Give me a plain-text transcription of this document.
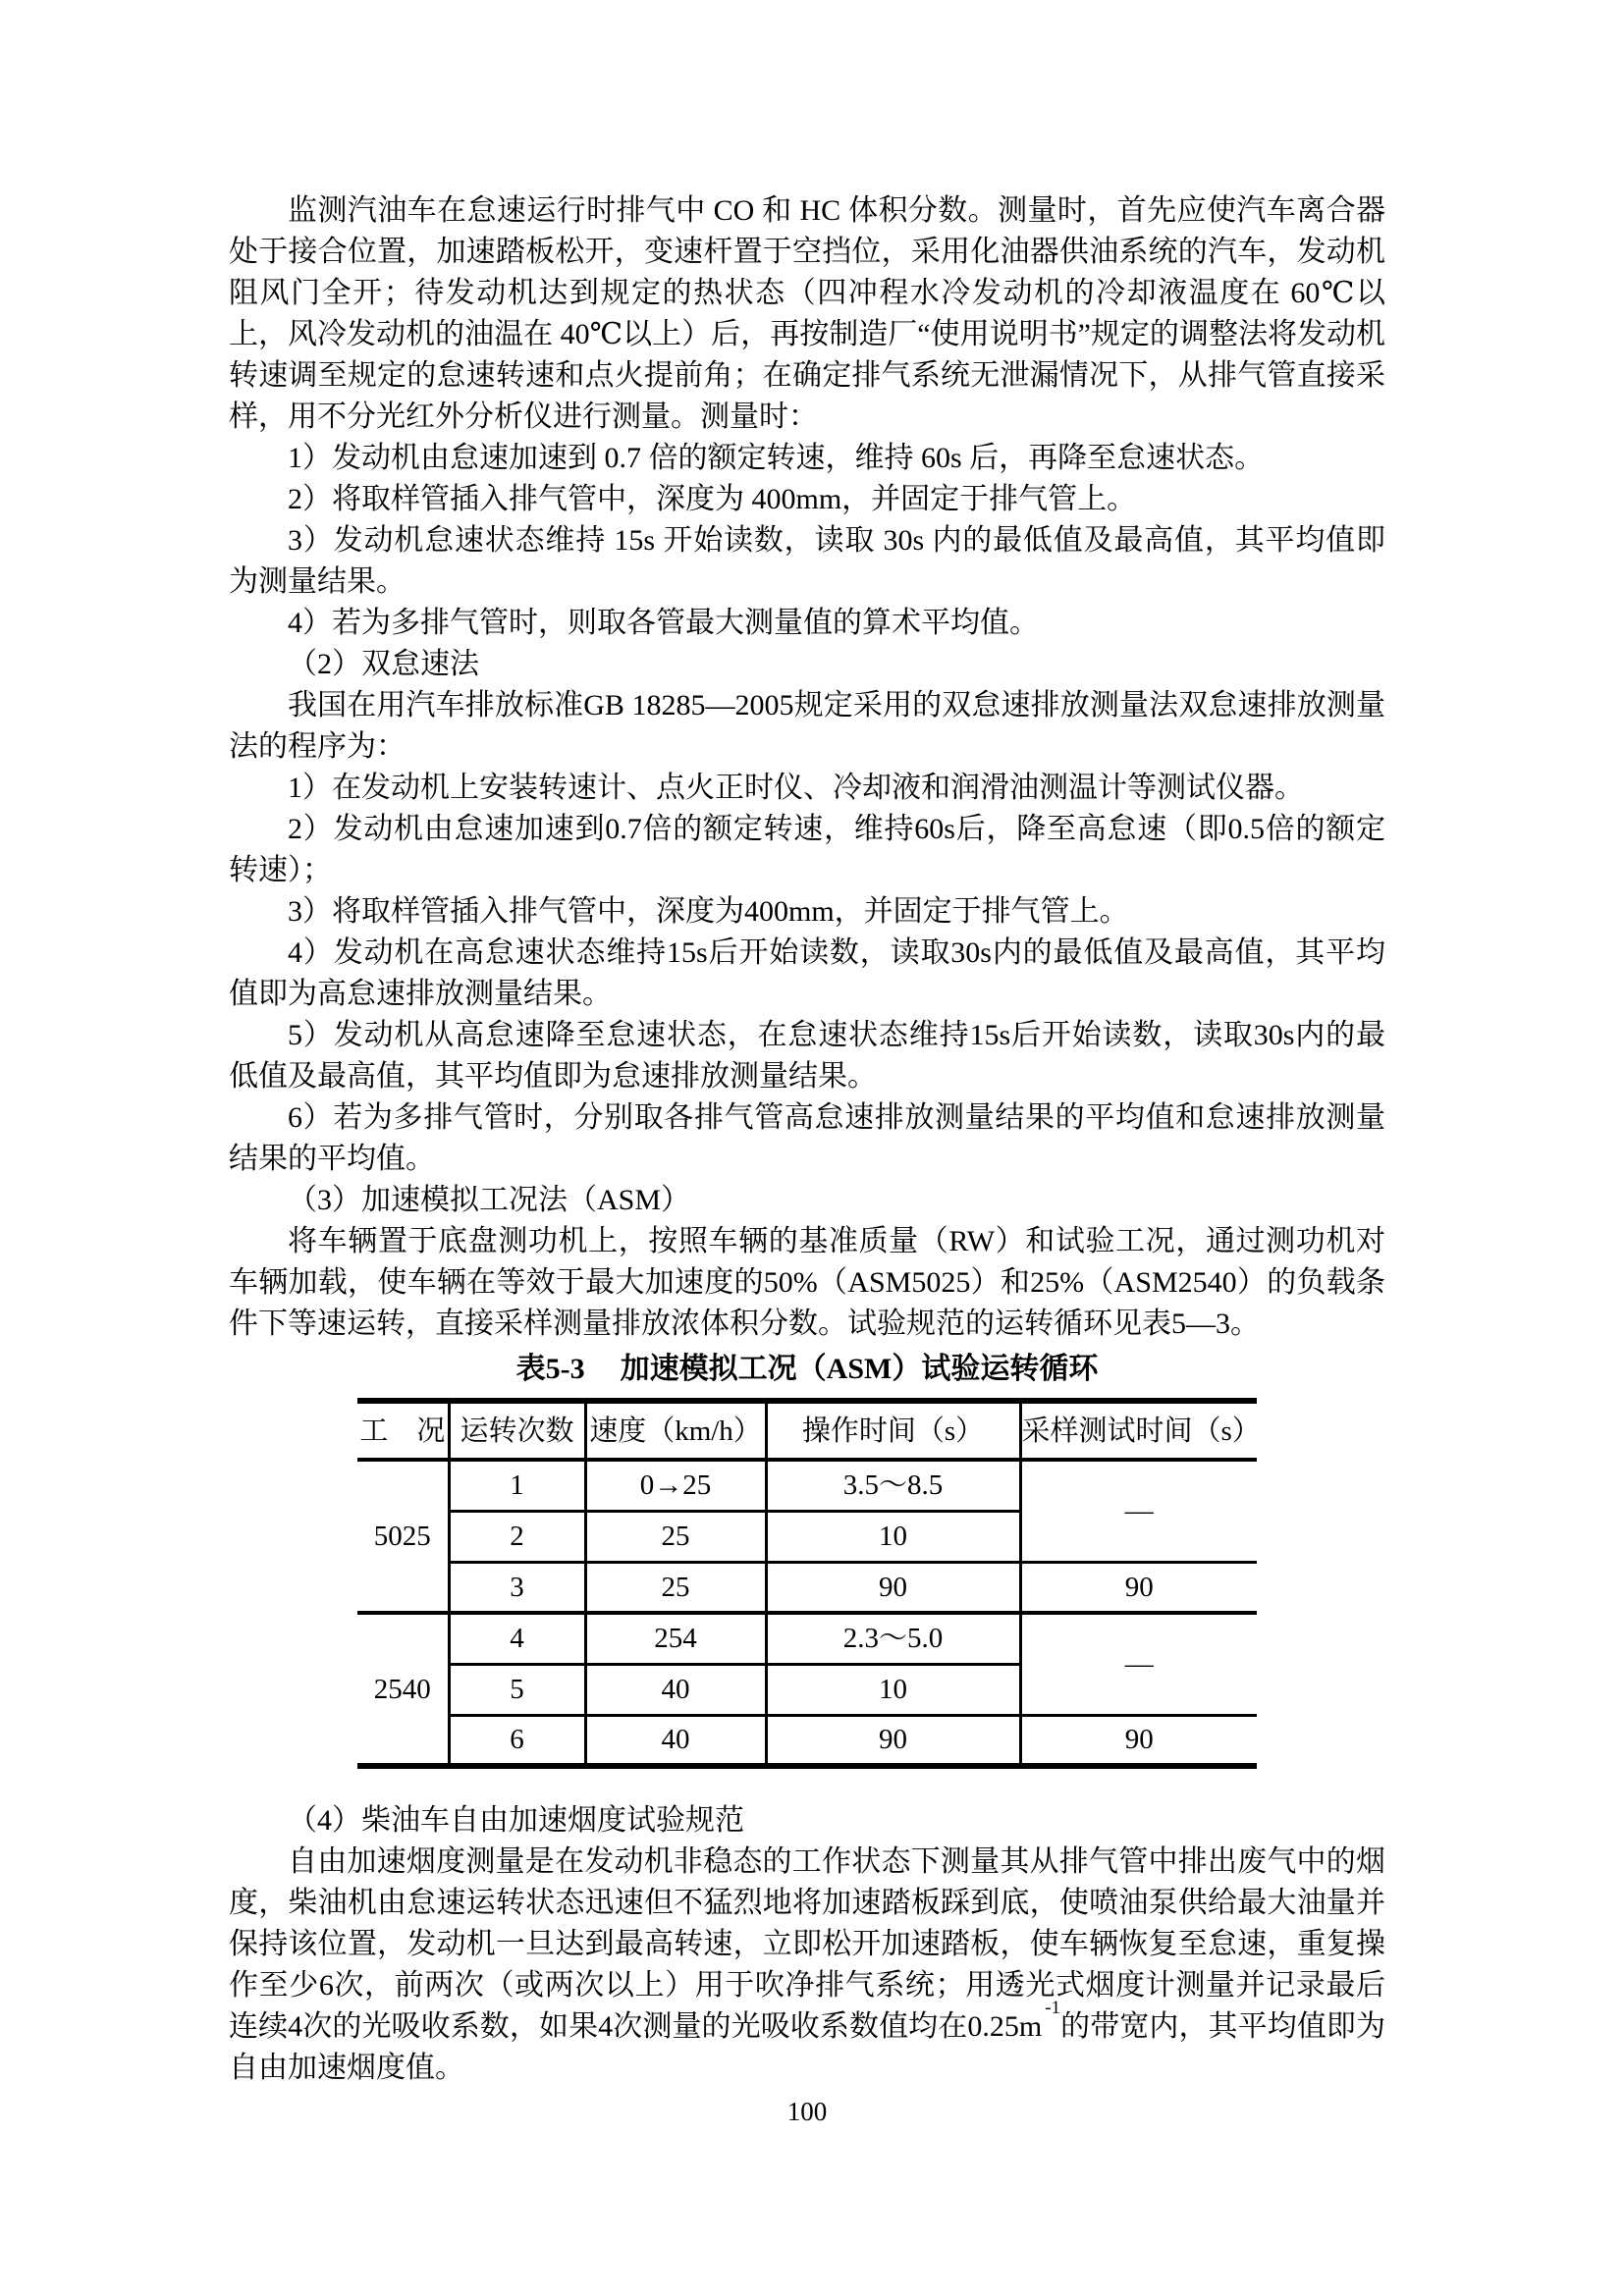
监测汽油车在怠速运行时排气中 CO 和 HC 体积分数。测量时，首先应使汽车离合器处于接合位置，加速踏板松开，变速杆置于空挡位，采用化油器供油系统的汽车，发动机阻风门全开；待发动机达到规定的热状态（四冲程水冷发动机的冷却液温度在 60℃以上，风冷发动机的油温在 40℃以上）后，再按制造厂“使用说明书”规定的调整法将发动机转速调至规定的怠速转速和点火提前角；在确定排气系统无泄漏情况下，从排气管直接采样，用不分光红外分析仪进行测量。测量时：

1）发动机由怠速加速到 0.7 倍的额定转速，维持 60s 后，再降至怠速状态。

2）将取样管插入排气管中，深度为 400mm，并固定于排气管上。

3）发动机怠速状态维持 15s 开始读数，读取 30s 内的最低值及最高值，其平均值即为测量结果。

4）若为多排气管时，则取各管最大测量值的算术平均值。

（2）双怠速法

我国在用汽车排放标准GB 18285—2005规定采用的双怠速排放测量法双怠速排放测量法的程序为：

1）在发动机上安装转速计、点火正时仪、冷却液和润滑油测温计等测试仪器。

2）发动机由怠速加速到0.7倍的额定转速，维持60s后，降至高怠速（即0.5倍的额定转速）；

3）将取样管插入排气管中，深度为400mm，并固定于排气管上。

4）发动机在高怠速状态维持15s后开始读数，读取30s内的最低值及最高值，其平均值即为高怠速排放测量结果。

5）发动机从高怠速降至怠速状态，在怠速状态维持15s后开始读数，读取30s内的最低值及最高值，其平均值即为怠速排放测量结果。

6）若为多排气管时，分别取各排气管高怠速排放测量结果的平均值和怠速排放测量结果的平均值。

（3）加速模拟工况法（ASM）

将车辆置于底盘测功机上，按照车辆的基准质量（RW）和试验工况，通过测功机对车辆加载，使车辆在等效于最大加速度的50%（ASM5025）和25%（ASM2540）的负载条件下等速运转，直接采样测量排放浓体积分数。试验规范的运转循环见表5—3。

表5-3 加速模拟工况（ASM）试验运转循环
工　况	运转次数	速度（km/h）	操作时间（s）	采样测试时间（s）
5025	1	0→25	3.5～8.5	—
	2	25	10	
	3	25	90	90
2540	4	254	2.3～5.0	—
	5	40	10	
	6	40	90	90

（4）柴油车自由加速烟度试验规范

自由加速烟度测量是在发动机非稳态的工作状态下测量其从排气管中排出废气中的烟度，柴油机由怠速运转状态迅速但不猛烈地将加速踏板踩到底，使喷油泵供给最大油量并保持该位置，发动机一旦达到最高转速，立即松开加速踏板，使车辆恢复至怠速，重复操作至少6次，前两次（或两次以上）用于吹净排气系统；用透光式烟度计测量并记录最后连续4次的光吸收系数，如果4次测量的光吸收系数值均在$0.25m^{-1}$的带宽内，其平均值即为自由加速烟度值。

100
